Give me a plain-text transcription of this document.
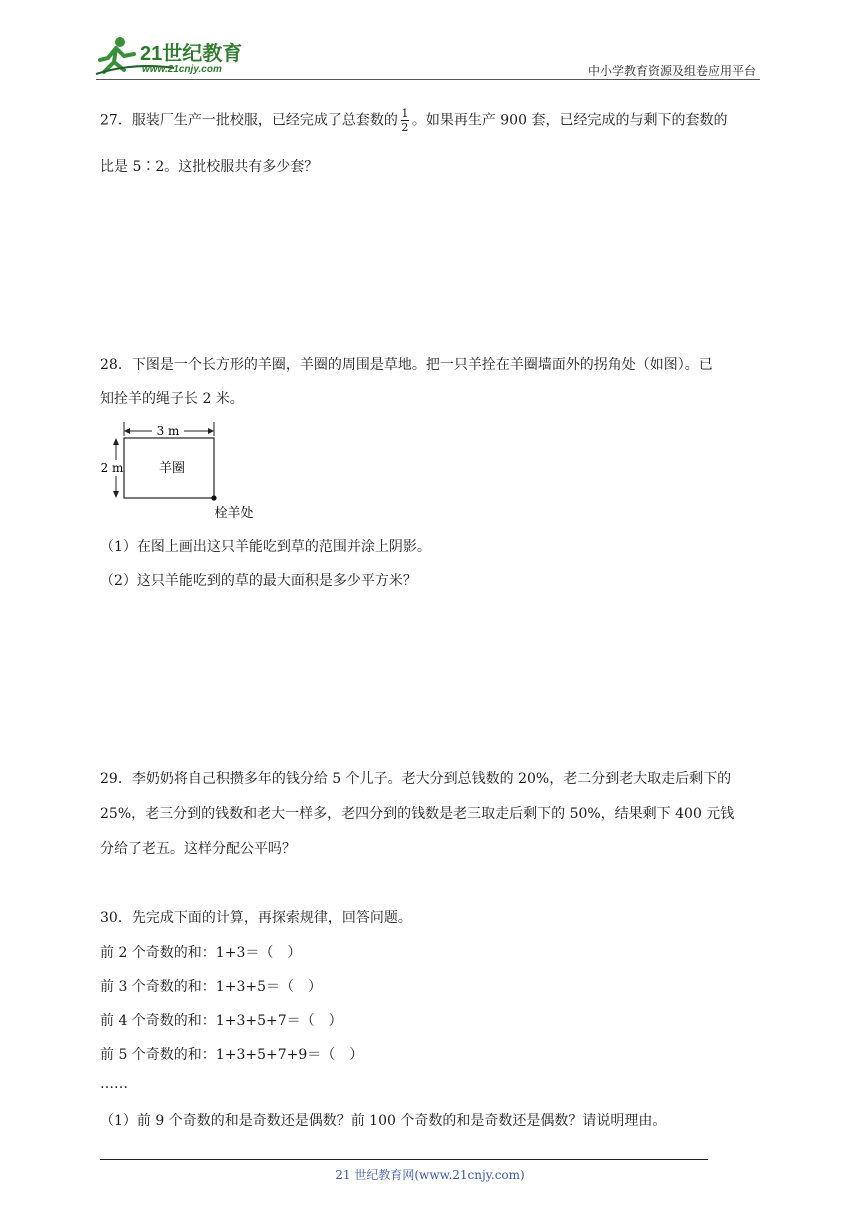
21世纪教育
www.21cnjy.com	中小学教育资源及组卷应用平台
27．服装厂生产一批校服，已经完成了总套数的 $\frac{1}{2}$ 。如果再生产 900 套，已经完成的与剩下的套数的
比是 5∶2。这批校服共有多少套？
28．下图是一个长方形的羊圈，羊圈的周围是草地。把一只羊拴在羊圈墙面外的拐角处（如图）。已
知拴羊的绳子长 2 米。
3 m
2 m	羊圈
栓羊处
（1）在图上画出这只羊能吃到草的范围并涂上阴影。
（2）这只羊能吃到的草的最大面积是多少平方米？
29．李奶奶将自己积攒多年的钱分给 5 个儿子。老大分到总钱数的 20%，老二分到老大取走后剩下的
25%，老三分到的钱数和老大一样多，老四分到的钱数是老三取走后剩下的 50%，结果剩下 400 元钱
分给了老五。这样分配公平吗？
30．先完成下面的计算，再探索规律，回答问题。
前 2 个奇数的和：1+3＝（　）
前 3 个奇数的和：1+3+5＝（　）
前 4 个奇数的和：1+3+5+7＝（　）
前 5 个奇数的和：1+3+5+7+9＝（　）
……
（1）前 9 个奇数的和是奇数还是偶数？前 100 个奇数的和是奇数还是偶数？请说明理由。
21 世纪教育网(www.21cnjy.com)
